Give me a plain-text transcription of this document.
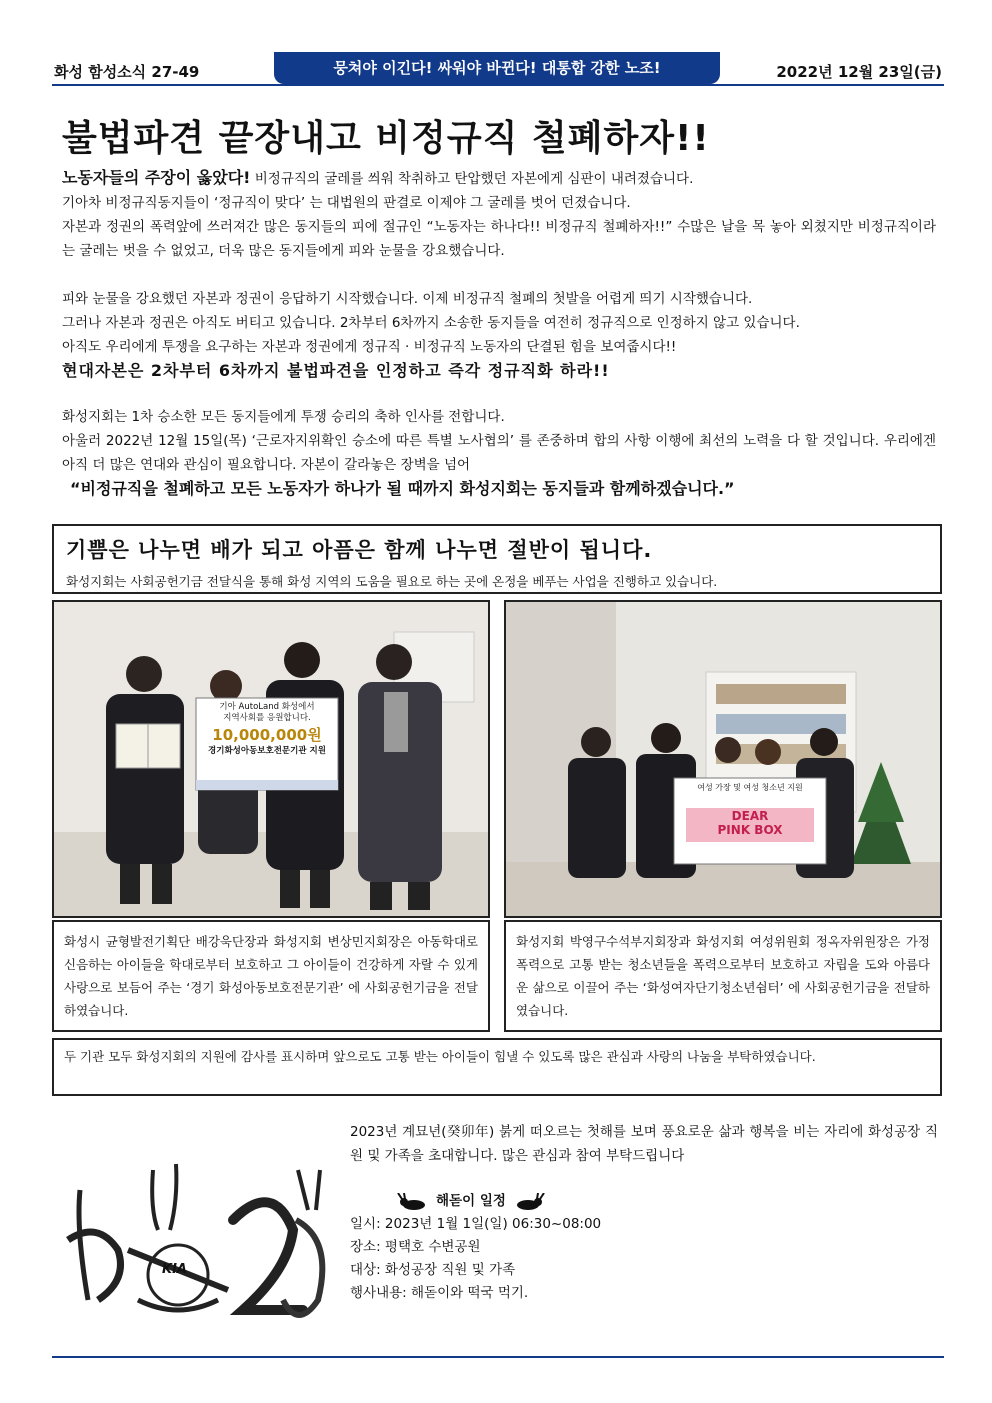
화성 함성소식 27-49	뭉쳐야 이긴다! 싸워야 바뀐다! 대통합 강한 노조!	2022년 12월 23일(금)
불법파견 끝장내고 비정규직 철폐하자!!

노동자들의 주장이 옳았다! 비정규직의 굴레를 씌워 착취하고 탄압했던 자본에게 심판이 내려졌습니다.

기아차 비정규직동지들이 ‘정규직이 맞다’ 는 대법원의 판결로 이제야 그 굴레를 벗어 던졌습니다.

자본과 정권의 폭력앞에 쓰러져간 많은 동지들의 피에 절규인 “노동자는 하나다!! 비정규직 철폐하자!!” 수많은 날을 목 놓아 외쳤지만 비정규직이라는 굴레는 벗을 수 없었고, 더욱 많은 동지들에게 피와 눈물을 강요했습니다.

피와 눈물을 강요했던 자본과 정권이 응답하기 시작했습니다. 이제 비정규직 철폐의 첫발을 어렵게 띄기 시작했습니다.

그러나 자본과 정권은 아직도 버티고 있습니다. 2차부터 6차까지 소송한 동지들을 여전히 정규직으로 인정하지 않고 있습니다.

아직도 우리에게 투쟁을 요구하는 자본과 정권에게 정규직 · 비정규직 노동자의 단결된 힘을 보여줍시다!!

현대자본은 2차부터 6차까지 불법파견을 인정하고 즉각 정규직화 하라!!

화성지회는 1차 승소한 모든 동지들에게 투쟁 승리의 축하 인사를 전합니다.

아울러 2022년 12월 15일(목) ‘근로자지위확인 승소에 따른 특별 노사협의’ 를 존중하며 합의 사항 이행에 최선의 노력을 다 할 것입니다. 우리에겐 아직 더 많은 연대와 관심이 필요합니다. 자본이 갈라놓은 장벽을 넘어

“비정규직을 철폐하고 모든 노동자가 하나가 될 때까지 화성지회는 동지들과 함께하겠습니다.”

기쁨은 나누면 배가 되고 아픔은 함께 나누면 절반이 됩니다.
화성지회는 사회공헌기금 전달식을 통해 화성 지역의 도움을 필요로 하는 곳에 온정을 베푸는 사업을 진행하고 있습니다.
기아 AutoLand 화성에서
지역사회를 응원합니다.
10,000,000원
경기화성아동보호전문기관 지원
여성 가장 및 여성 청소년 지원
DEAR
PINK BOX
화성시 균형발전기획단 배강욱단장과 화성지회 변상민지회장은 아동학대로 신음하는 아이들을 학대로부터 보호하고 그 아이들이 건강하게 자랄 수 있게 사랑으로 보듬어 주는 ‘경기 화성아동보호전문기관’ 에 사회공헌기금을 전달하였습니다.
화성지회 박영구수석부지회장과 화성지회 여성위원회 정옥자위원장은 가정폭력으로 고통 받는 청소년들을 폭력으로부터 보호하고 자립을 도와 아름다운 삶으로 이끌어 주는 ‘화성여자단기청소년쉼터’ 에 사회공헌기금을 전달하였습니다.
두 기관 모두 화성지회의 지원에 감사를 표시하며 앞으로도 고통 받는 아이들이 힘낼 수 있도록 많은 관심과 사랑의 나눔을 부탁하였습니다.
KIA

2023년 계묘년(癸卯年) 붉게 떠오르는 첫해를 보며 풍요로운 삶과 행복을 비는 자리에 화성공장 직원 및 가족을 초대합니다. 많은 관심과 참여 부탁드립니다

해돋이 일정
일시: 2023년 1월 1일(일) 06:30~08:00
장소: 평택호 수변공원
대상: 화성공장 직원 및 가족
행사내용: 해돋이와 떡국 먹기.
